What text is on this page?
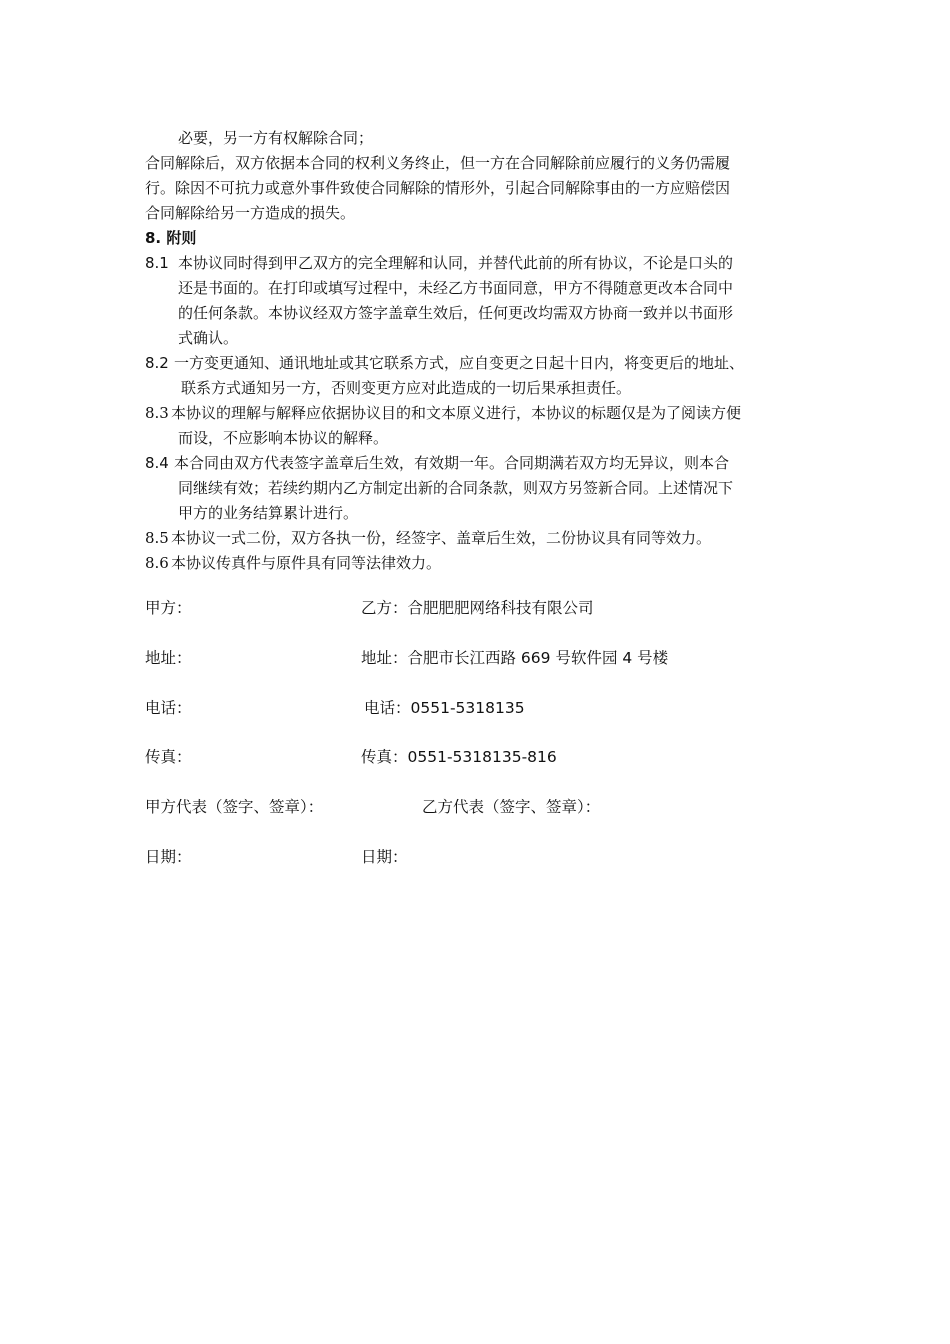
必要，另一方有权解除合同；
合同解除后，双方依据本合同的权利义务终止，但一方在合同解除前应履行的义务仍需履
行。除因不可抗力或意外事件致使合同解除的情形外，引起合同解除事由的一方应赔偿因
合同解除给另一方造成的损失。
8. 附则
8.1 本协议同时得到甲乙双方的完全理解和认同，并替代此前的所有协议，不论是口头的
还是书面的。在打印或填写过程中，未经乙方书面同意，甲方不得随意更改本合同中
的任何条款。本协议经双方签字盖章生效后，任何更改均需双方协商一致并以书面形
式确认。
8.2 一方变更通知、通讯地址或其它联系方式，应自变更之日起十日内，将变更后的地址、
联系方式通知另一方，否则变更方应对此造成的一切后果承担责任。
8.3 本协议的理解与解释应依据协议目的和文本原义进行，本协议的标题仅是为了阅读方便
而设，不应影响本协议的解释。
8.4 本合同由双方代表签字盖章后生效，有效期一年。合同期满若双方均无异议，则本合
同继续有效；若续约期内乙方制定出新的合同条款，则双方另签新合同。上述情况下
甲方的业务结算累计进行。
8.5 本协议一式二份，双方各执一份，经签字、盖章后生效，二份协议具有同等效力。
8.6 本协议传真件与原件具有同等法律效力。
甲方：
地址：
电话：
传真：
甲方代表（签字、签章）：
日期：
乙方：合肥肥肥网络科技有限公司
地址：合肥市长江西路 669 号软件园 4 号楼
电话：0551-5318135
传真：0551-5318135-816
乙方代表（签字、签章）：
日期：
